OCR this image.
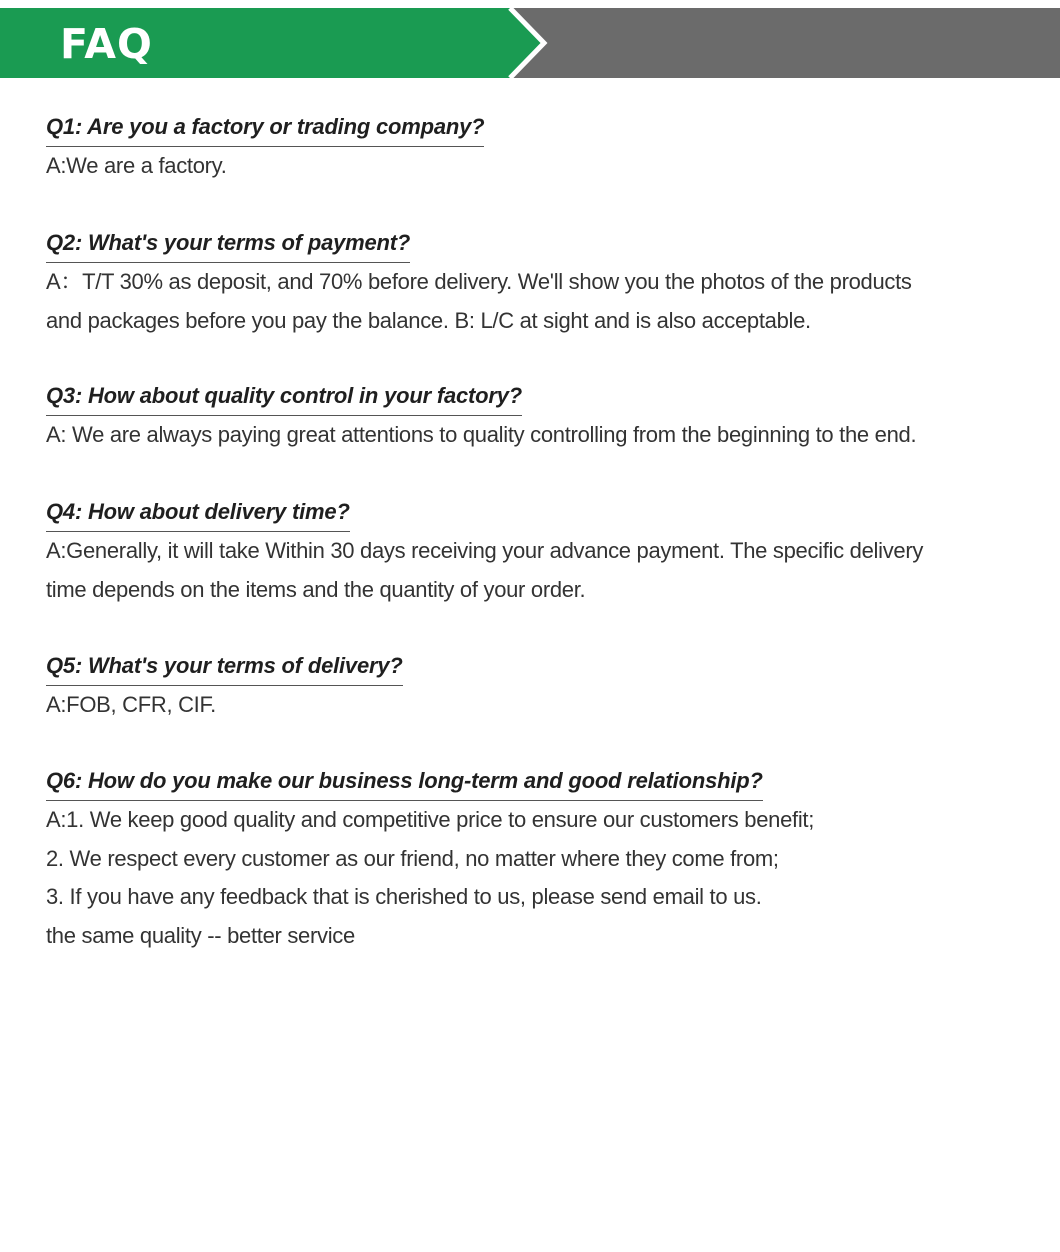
FAQ
Q1: Are you a factory or trading company?
A:We are a factory.
Q2: What's your terms of payment?
A：T/T 30% as deposit, and 70% before delivery. We'll show you the photos of the products
and packages before you pay the balance. B: L/C at sight and is also acceptable.
Q3: How about quality control in your factory?
A: We are always paying great attentions to quality controlling from the beginning to the end.
Q4: How about delivery time?
A:Generally, it will take Within 30 days receiving your advance payment. The specific delivery
time depends on the items and the quantity of your order.
Q5: What's your terms of delivery?
A:FOB, CFR, CIF.
Q6: How do you make our business long-term and good relationship?
A:1. We keep good quality and competitive price to ensure our customers benefit;
2. We respect every customer as our friend, no matter where they come from;
3. If you have any feedback that is cherished to us, please send email to us.
the same quality -- better service
